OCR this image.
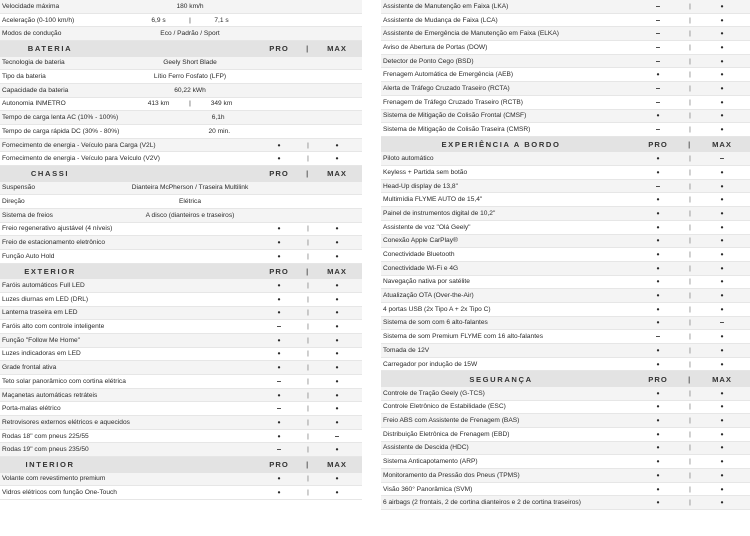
Velocidade máxima	180 km/h
Aceleração (0-100 km/h)	6,9 s	|	7,1 s
Modos de condução	Eco / Padrão / Sport
BATERIA	PRO	|	MAX
Tecnologia de bateria	Geely Short Blade
Tipo da bateria	Lítio Ferro Fosfato (LFP)
Capacidade da bateria	60,22 kWh
Autonomia INMETRO	413 km	|	349 km
Tempo de carga lenta AC (10% - 100%)	6,1h
Tempo de carga rápida DC (30% - 80%)	20 min.
Fornecimento de energia - Veículo para Carga (V2L)	•	|	•
Fornecimento de energia - Veículo para Veículo (V2V)	•	|	•
CHASSI	PRO	|	MAX
Suspensão	Dianteira McPherson / Traseira Multilink
Direção	Elétrica
Sistema de freios	A disco (dianteiros e traseiros)
Freio regenerativo ajustável (4 níveis)	•	|	•
Freio de estacionamento eletrônico	•	|	•
Função Auto Hold	•	|	•
EXTERIOR	PRO	|	MAX
Faróis automáticos Full LED	•	|	•
Luzes diurnas em LED (DRL)	•	|	•
Lanterna traseira em LED	•	|	•
Faróis alto com controle inteligente	–	|	•
Função "Follow Me Home"	•	|	•
Luzes indicadoras em LED	•	|	•
Grade frontal ativa	•	|	•
Teto solar panorâmico com cortina elétrica	–	|	•
Maçanetas automáticas retráteis	•	|	•
Porta-malas elétrico	–	|	•
Retrovisores externos elétricos e aquecidos	•	|	•
Rodas 18" com pneus 225/55	•	|	–
Rodas 19" com pneus 235/50	–	|	•
INTERIOR	PRO	|	MAX
Volante com revestimento premium	•	|	•
Vidros elétricos com função One-Touch	•	|	•
Assistente de Manutenção em Faixa (LKA)	–	|	•
Assistente de Mudança de Faixa (LCA)	–	|	•
Assistente de Emergência de Manutenção em Faixa (ELKA)	–	|	•
Aviso de Abertura de Portas (DOW)	–	|	•
Detector de Ponto Cego (BSD)	–	|	•
Frenagem Automática de Emergência (AEB)	•	|	•
Alerta de Tráfego Cruzado Traseiro (RCTA)	–	|	•
Frenagem de Tráfego Cruzado Traseiro (RCTB)	–	|	•
Sistema de Mitigação de Colisão Frontal (CMSF)	•	|	•
Sistema de Mitigação de Colisão Traseira (CMSR)	–	|	•
EXPERIÊNCIA A BORDO	PRO	|	MAX
Piloto automático	•	|	–
Keyless + Partida sem botão	•	|	•
Head-Up display de 13,8"	–	|	•
Multimídia FLYME AUTO de 15,4"	•	|	•
Painel de instrumentos digital de 10,2"	•	|	•
Assistente de voz "Olá Geely"	•	|	•
Conexão Apple CarPlay®	•	|	•
Conectividade Bluetooth	•	|	•
Conectividade Wi-Fi e 4G	•	|	•
Navegação nativa por satélite	•	|	•
Atualização OTA (Over-the-Air)	•	|	•
4 portas USB (2x Tipo A + 2x Tipo C)	•	|	•
Sistema de som com 6 alto-falantes	•	|	–
Sistema de som Premium FLYME com 16 alto-falantes	–	|	•
Tomada de 12V	•	|	•
Carregador por indução de 15W	•	|	•
SEGURANÇA	PRO	|	MAX
Controle de Tração Geely (G-TCS)	•	|	•
Controle Eletrônico de Estabilidade (ESC)	•	|	•
Freio ABS com Assistente de Frenagem (BAS)	•	|	•
Distribuição Eletrônica de Frenagem (EBD)	•	|	•
Assistente de Descida (HDC)	•	|	•
Sistema Anticapotamento (ARP)	•	|	•
Monitoramento da Pressão dos Pneus (TPMS)	•	|	•
Visão 360° Panorâmica (SVM)	•	|	•
6 airbags (2 frontais, 2 de cortina dianteiros e 2 de cortina traseiros)	•	|	•
